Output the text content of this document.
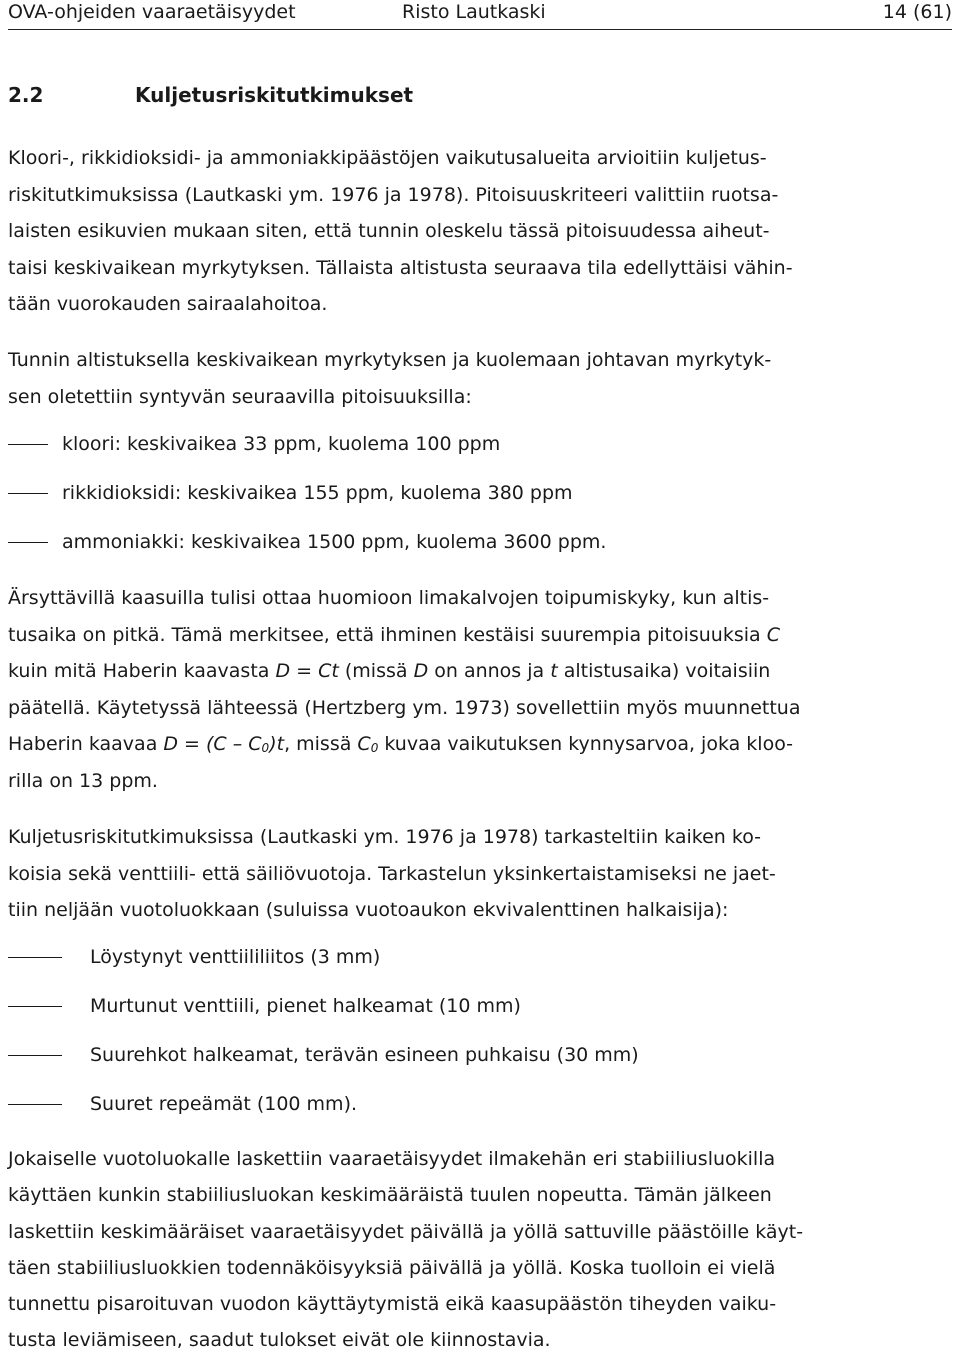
OVA-ohjeiden vaaraetäisyydet	Risto Lautkaski	14 (61)
2.2	Kuljetusriskitutkimukset
Kloori-, rikkidioksidi- ja ammoniakkipäästöjen vaikutusalueita arvioitiin kuljetus-
riskitutkimuksissa (Lautkaski ym. 1976 ja 1978). Pitoisuuskriteeri valittiin ruotsa-
laisten esikuvien mukaan siten, että tunnin oleskelu tässä pitoisuudessa aiheut-
taisi keskivaikean myrkytyksen. Tällaista altistusta seuraava tila edellyttäisi vähin-
tään vuorokauden sairaalahoitoa.
Tunnin altistuksella keskivaikean myrkytyksen ja kuolemaan johtavan myrkytyk-
sen oletettiin syntyvän seuraavilla pitoisuuksilla:
kloori: keskivaikea 33 ppm, kuolema 100 ppm
rikkidioksidi: keskivaikea 155 ppm, kuolema 380 ppm
ammoniakki: keskivaikea 1500 ppm, kuolema 3600 ppm.
Ärsyttävillä kaasuilla tulisi ottaa huomioon limakalvojen toipumiskyky, kun altis-
tusaika on pitkä. Tämä merkitsee, että ihminen kestäisi suurempia pitoisuuksia C
kuin mitä Haberin kaavasta D = Ct (missä D on annos ja t altistusaika) voitaisiin
päätellä. Käytetyssä lähteessä (Hertzberg ym. 1973) sovellettiin myös muunnettua
Haberin kaavaa $D = (C - C_0)t$, missä $C_0$ kuvaa vaikutuksen kynnysarvoa, joka kloo-
rilla on 13 ppm.
Kuljetusriskitutkimuksissa (Lautkaski ym. 1976 ja 1978) tarkasteltiin kaiken ko-
koisia sekä venttiili- että säiliövuotoja. Tarkastelun yksinkertaistamiseksi ne jaet-
tiin neljään vuotoluokkaan (suluissa vuotoaukon ekvivalenttinen halkaisija):
Löystynyt venttiililiitos (3 mm)
Murtunut venttiili, pienet halkeamat (10 mm)
Suurehkot halkeamat, terävän esineen puhkaisu (30 mm)
Suuret repeämät (100 mm).
Jokaiselle vuotoluokalle laskettiin vaaraetäisyydet ilmakehän eri stabiiliusluokilla
käyttäen kunkin stabiiliusluokan keskimääräistä tuulen nopeutta. Tämän jälkeen
laskettiin keskimääräiset vaaraetäisyydet päivällä ja yöllä sattuville päästöille käyt-
täen stabiiliusluokkien todennäköisyyksiä päivällä ja yöllä. Koska tuolloin ei vielä
tunnettu pisaroituvan vuodon käyttäytymistä eikä kaasupäästön tiheyden vaiku-
tusta leviämiseen, saadut tulokset eivät ole kiinnostavia.
